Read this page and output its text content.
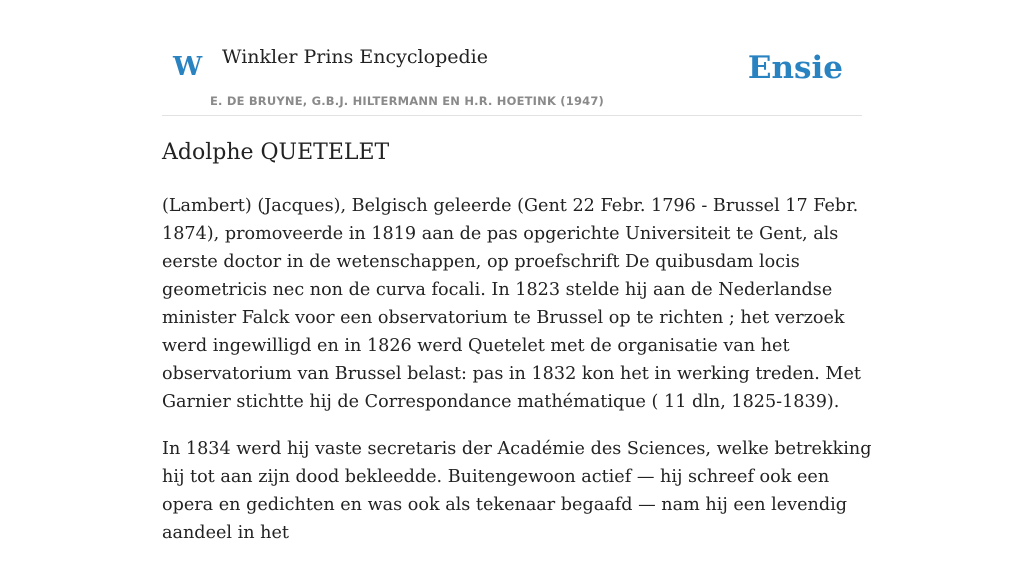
W Winkler Prins Encyclopedie
E. DE BRUYNE, G.B.J. HILTERMANN EN H.R. HOETINK (1947)
Ensie
Adolphe QUETELET

(Lambert) (Jacques), Belgisch geleerde (Gent 22 Febr. 1796 - Brussel 17 Febr. 1874), promoveerde in 1819 aan de pas opgerichte Universiteit te Gent, als eerste doctor in de wetenschappen, op proefschrift De quibusdam locis geometricis nec non de curva focali. In 1823 stelde hij aan de Nederlandse minister Falck voor een observatorium te Brussel op te richten ; het verzoek werd ingewilligd en in 1826 werd Quetelet met de organisatie van het observatorium van Brussel belast: pas in 1832 kon het in werking treden. Met Garnier stichtte hij de Correspondance mathématique ( 11 dln, 1825-1839).

In 1834 werd hij vaste secretaris der Académie des Sciences, welke betrekking hij tot aan zijn dood bekleedde. Buitengewoon actief — hij schreef ook een opera en gedichten en was ook als tekenaar begaafd — nam hij een levendig aandeel in het
